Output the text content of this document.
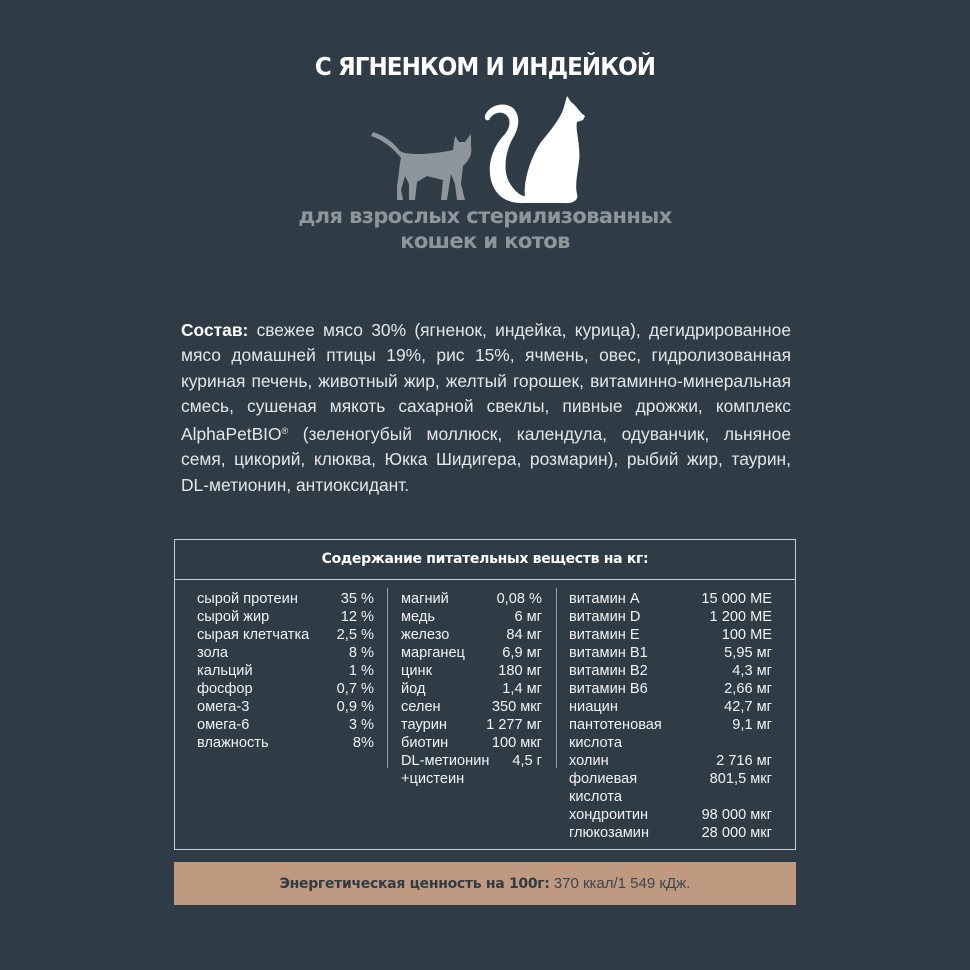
С ЯГНЕНКОМ И ИНДЕЙКОЙ
для взрослых стерилизованных
кошек и котов
Состав: свежее мясо 30% (ягненок, индейка, курица), дегидрированное мясо домашней птицы 19%, рис 15%, ячмень, овес, гидролизованная куриная печень, животный жир, желтый горошек, витаминно-минеральная смесь, сушеная мякоть сахарной свеклы, пивные дрожжи, комплекс AlphaPetBIO® (зеленогубый моллюск, календула, одуванчик, льняное семя, цикорий, клюква, Юкка Шидигера, розмарин), рыбий жир, таурин, DL-метионин, антиоксидант.
Содержание питательных веществ на кг:
сырой протеин	35 %
сырой жир	12 %
сырая клетчатка 2,5 %
зола	8 %
кальций	1 %
фосфор	0,7 %
омега-3	0,9 %
омега-6	3 %
влажность	8%
магний	0,08 %
медь	6 мг
железо	84 мг
марганец	6,9 мг
цинк	180 мг
йод	1,4 мг
селен	350 мкг
таурин	1 277 мг
биотин	100 мкг
DL-метионин 4,5 г
+цистеин
витамин A	15 000 МЕ
витамин D	1 200 МЕ
витамин E	100 МЕ
витамин B1	5,95 мг
витамин B2	4,3 мг
витамин B6	2,66 мг
ниацин	42,7 мг
пантотеновая	9,1 мг
кислота
холин	2 716 мг
фолиевая	801,5 мкг
кислота
хондроитин	98 000 мкг
глюкозамин	28 000 мкг
Энергетическая ценность на 100г: 370 ккал/1 549 кДж.
